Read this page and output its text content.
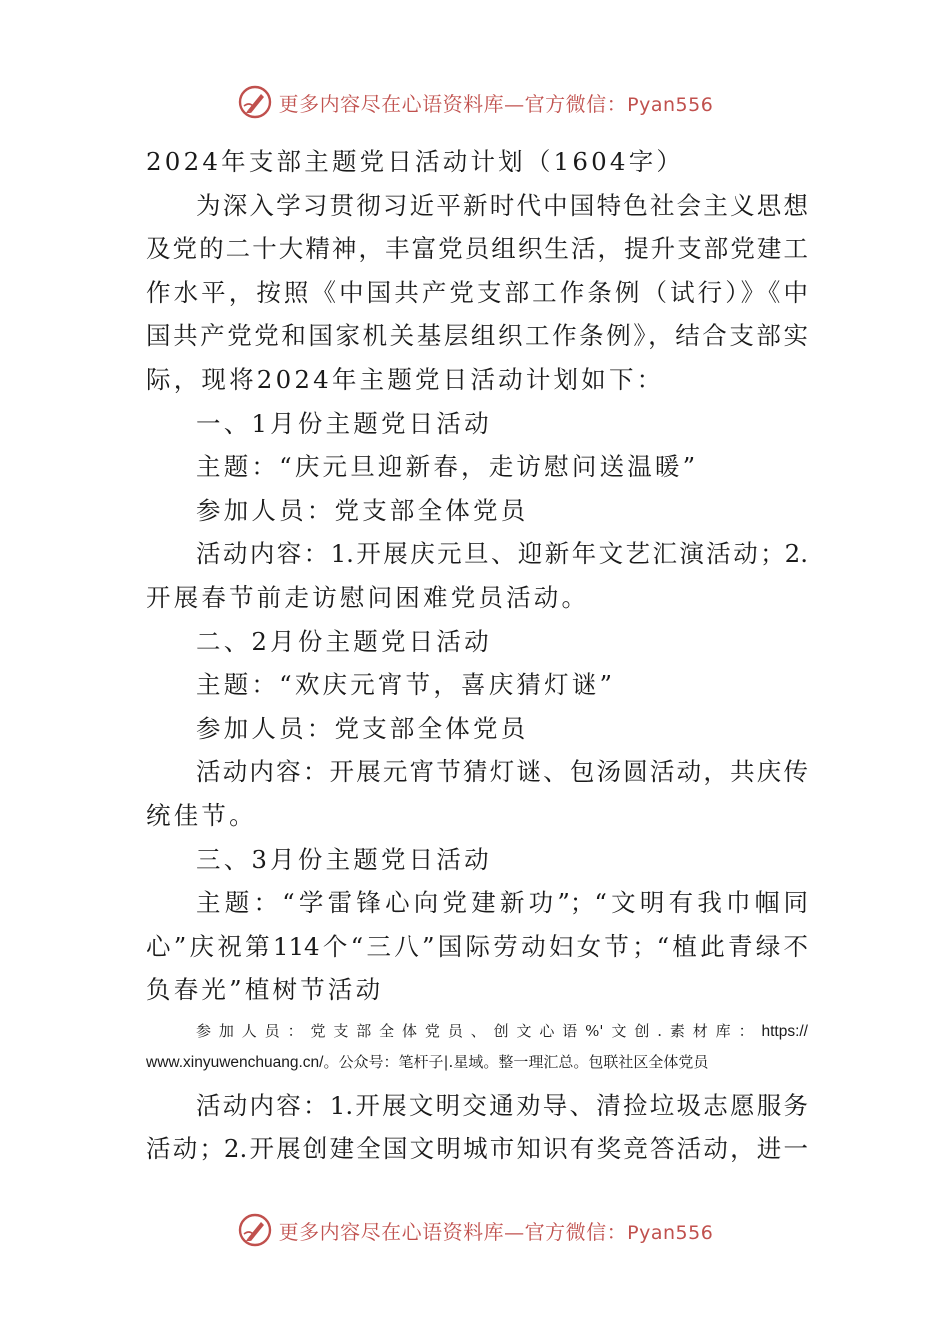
更多内容尽在心语资料库—官方微信：Pyan556

2024年支部主题党日活动计划（1604字）

为深入学习贯彻习近平新时代中国特色社会主义思想

及党的二十大精神，丰富党员组织生活，提升支部党建工

作水平，按照《中国共产党支部工作条例（试行）》《中

国共产党党和国家机关基层组织工作条例》，结合支部实

际，现将2024年主题党日活动计划如下：

一、1月份主题党日活动

主题：“庆元旦迎新春，走访慰问送温暖”

参加人员：党支部全体党员

活动内容：1.开展庆元旦、迎新年文艺汇演活动；2.

开展春节前走访慰问困难党员活动。

二、2月份主题党日活动

主题：“欢庆元宵节，喜庆猜灯谜”

参加人员：党支部全体党员

活动内容：开展元宵节猜灯谜、包汤圆活动，共庆传

统佳节。

三、3月份主题党日活动

主题：“学雷锋心向党建新功”；“文明有我巾帼同

心”庆祝第114个“三八”国际劳动妇女节；“植此青绿不

负春光”植树节活动

参加人员：党支部全体党员、创文心语%'文创.素材库：https://

www.xinyuwenchuang.cn/。公众号：笔杆子|.星域。整一理汇总。包联社区全体党员

活动内容：1.开展文明交通劝导、清捡垃圾志愿服务

活动；2.开展创建全国文明城市知识有奖竞答活动，进一

更多内容尽在心语资料库—官方微信：Pyan556
